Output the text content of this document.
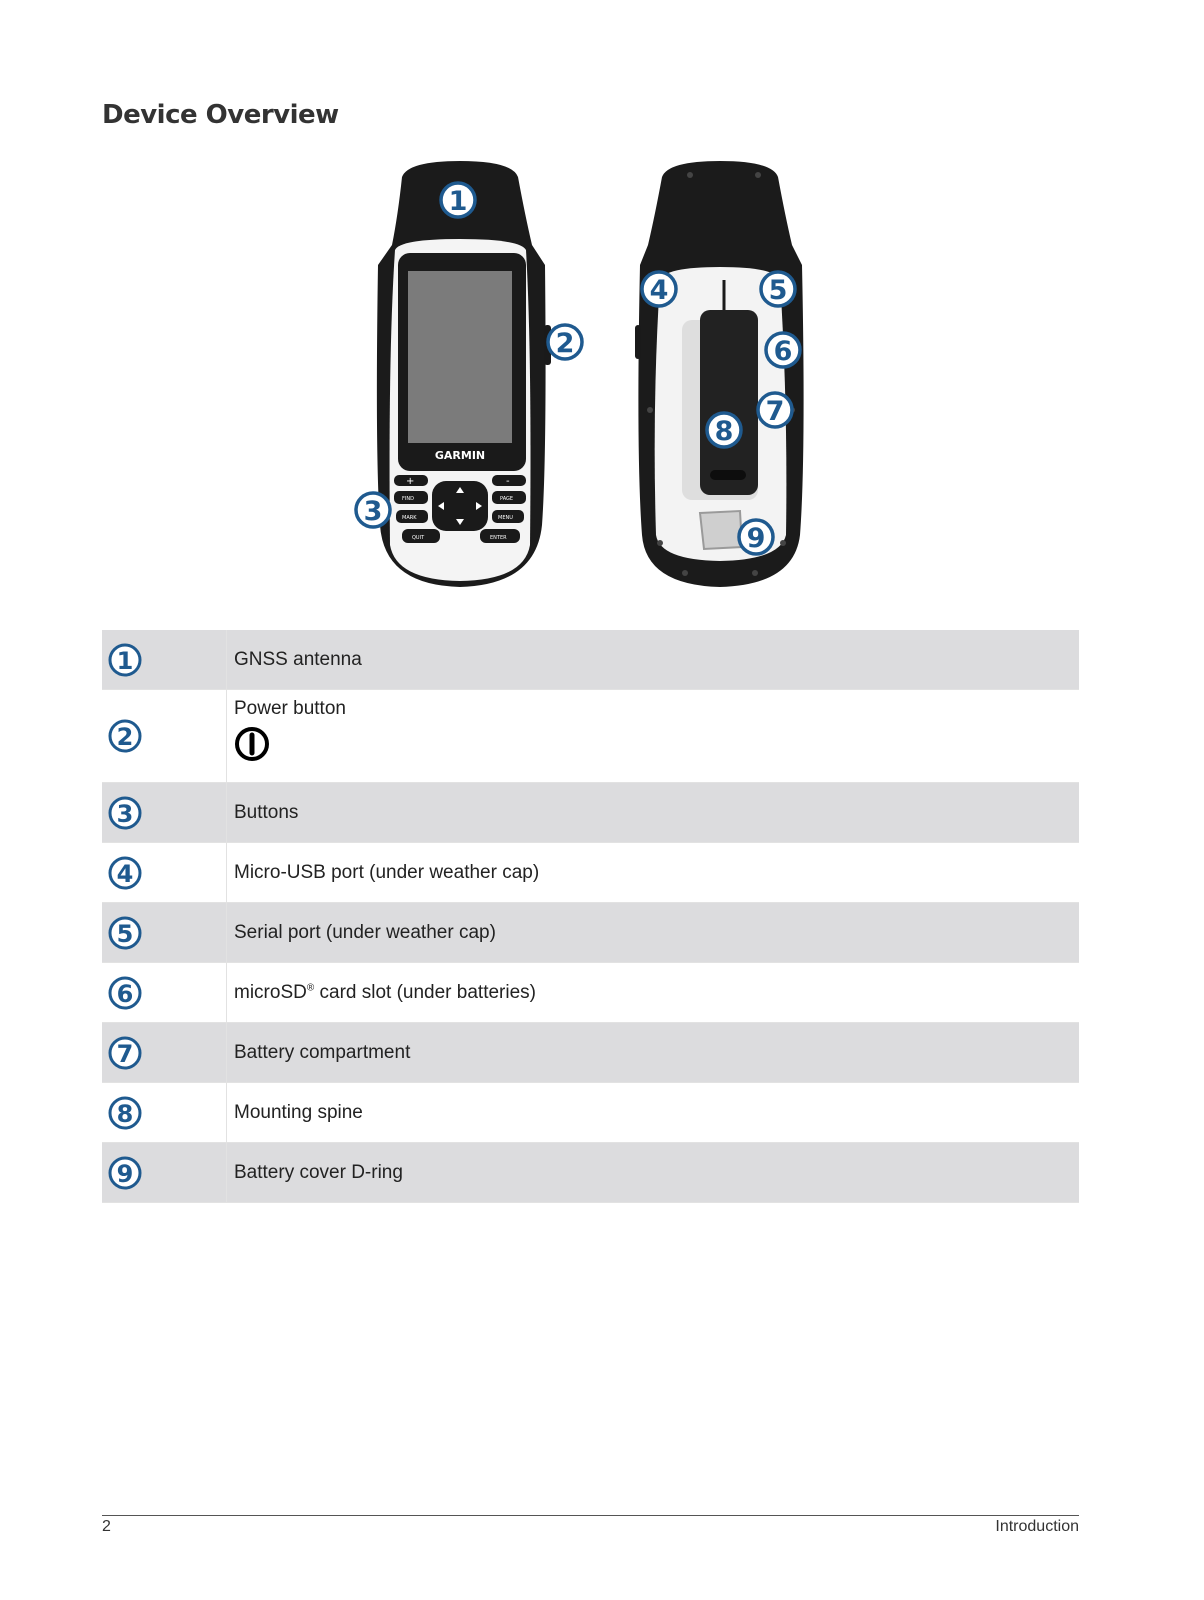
Device Overview
GARMIN
+	-
FIND	PAGE
MARK	MENU
QUIT	ENTER
1
2
3
4	5
6
7
8
9
1	GNSS antenna

2	Power button

3	Buttons

4	Micro-USB port (under weather cap)

5	Serial port (under weather cap)

6	microSD® card slot (under batteries)

7	Battery compartment

8	Mounting spine

9	Battery cover D-ring
2	Introduction
